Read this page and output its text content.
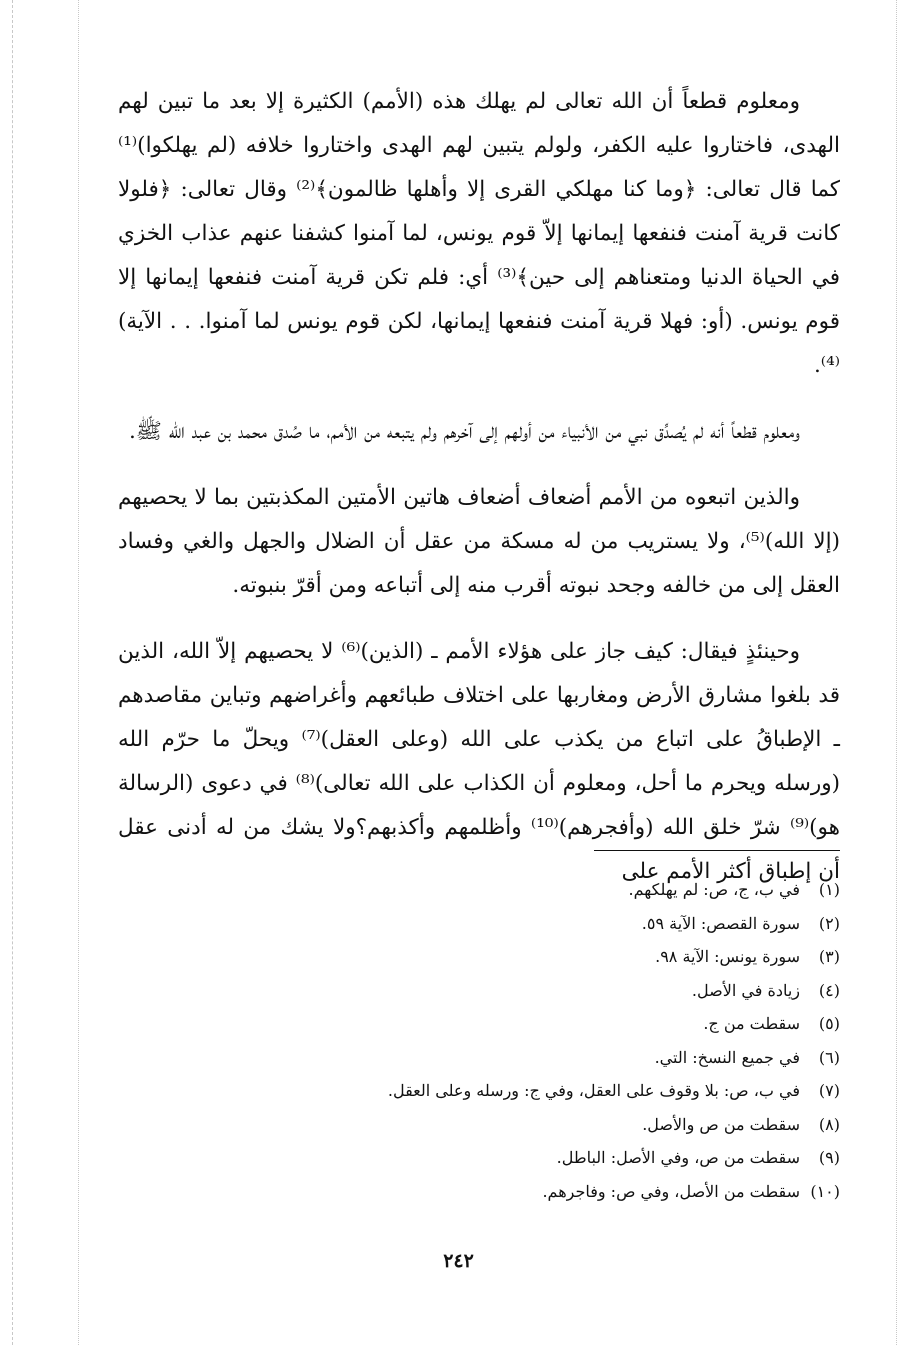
ومعلوم قطعاً أن الله تعالى لم يهلك هذه (الأمم) الكثيرة إلا بعد ما تبين لهم الهدى، فاختاروا عليه الكفر، ولولم يتبين لهم الهدى واختاروا خلافه (لم يهلكوا)⁽¹⁾ كما قال تعالى: ﴿وما كنا مهلكي القرى إلا وأهلها ظالمون﴾⁽²⁾ وقال تعالى: ﴿فلولا كانت قرية آمنت فنفعها إيمانها إلاّ قوم يونس، لما آمنوا كشفنا عنهم عذاب الخزي في الحياة الدنيا ومتعناهم إلى حين﴾⁽³⁾ أي: فلم تكن قرية آمنت فنفعها إيمانها إلا قوم يونس. (أو: فهلا قرية آمنت فنفعها إيمانها، لكن قوم يونس لما آمنوا. . . الآية)⁽⁴⁾.

ومعلوم قطعاً أنه لم يُصدِّق نبي من الأنبياء من أولهم إلى آخرهم ولم يتبعه من الأمم، ما صُدق محمد بن عبد الله ﷺ.

والذين اتبعوه من الأمم أضعاف أضعاف هاتين الأمتين المكذبتين بما لا يحصيهم (إلا الله)⁽⁵⁾، ولا يستريب من له مسكة من عقل أن الضلال والجهل والغي وفساد العقل إلى من خالفه وجحد نبوته أقرب منه إلى أتباعه ومن أقرّ بنبوته.

وحينئذٍ فيقال: كيف جاز على هؤلاء الأمم ـ (الذين)⁽⁶⁾ لا يحصيهم إلاّ الله، الذين قد بلغوا مشارق الأرض ومغاربها على اختلاف طبائعهم وأغراضهم وتباين مقاصدهم ـ الإطباقُ على اتباع من يكذب على الله (وعلى العقل)⁽⁷⁾ ويحلّ ما حرّم الله (ورسله ويحرم ما أحل، ومعلوم أن الكذاب على الله تعالى)⁽⁸⁾ في دعوى (الرسالة هو)⁽⁹⁾ شرّ خلق الله (وأفجرهم)⁽¹⁰⁾ وأظلمهم وأكذبهم؟ولا يشك من له أدنى عقل أن إطباق أكثر الأمم على

(١)في ب، ج، ص: لم يهلكهم.
(٢)سورة القصص: الآية ٥٩.
(٣)سورة يونس: الآية ٩٨.
(٤)زيادة في الأصل.
(٥)سقطت من ج.
(٦)في جميع النسخ: التي.
(٧)في ب، ص: بلا وقوف على العقل، وفي ج: ورسله وعلى العقل.
(٨)سقطت من ص والأصل.
(٩)سقطت من ص، وفي الأصل: الباطل.
(١٠)سقطت من الأصل، وفي ص: وفاجرهم.
٢٤٢
